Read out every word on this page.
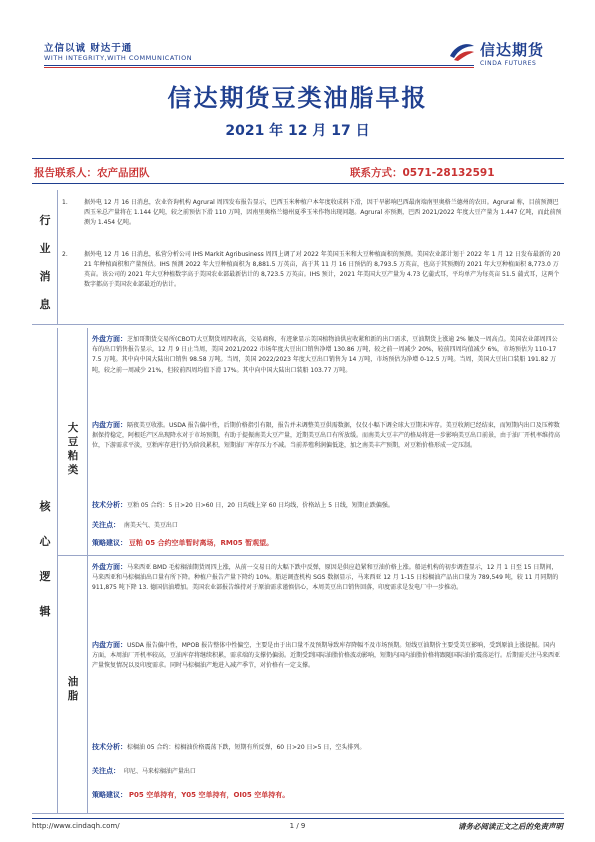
立信以诚 财达于通
WITH INTEGRITY,WITH COMMUNICATION	信达期货
CINDA FUTURES
信达期货豆类油脂早报
2021 年 12 月 17 日
报告联系人：农产品团队	联系方式：0571-28132591
行
业
消
息
1.	据外电 12 月 16 日消息，农业咨询机构 Agrural 周四发布报告显示，巴西玉米种植户本年度收成料下滑，因干旱影响巴西最南端南里奥格兰德州的农田。Agrural 称，目前预测巴西玉米总产量将在 1.144 亿吨，较之前预估下滑 110 万吨，因南里奥格兰德州夏季玉米作物出现问题。Agrural 亦预测，巴西 2021/2022 年度大豆产量为 1.447 亿吨，而此前预测为 1.454 亿吨。
2.	据外电 12 月 16 日消息，私营分析公司 IHS Markit Agribusiness 周四上调了对 2022 年美国玉米和大豆种植面积的预测。美国农业部计划于 2022 年 1 月 12 日发布最新的 2021 年种植面积和产量预估。IHS 预测 2022 年大豆种植面积为 8,881.5 万英亩，高于其 11 月 16 日预估的 8,793.5 万英亩，也高于其预测的 2021 年大豆种植面积 8,773.0 万英亩。该公司的 2021 年大豆种植数字高于美国农业部最新估计的 8,723.5 万英亩。IHS 预计，2021 年美国大豆产量为 4.73 亿蒲式耳，平均单产为每英亩 51.5 蒲式耳，这两个数字都高于美国农业部最近的估计。
核
心
逻
辑
大
豆
粕
类
外盘方面：芝加哥期货交易所(CBOT)大豆期货周四收高，交易商称，有迹象显示美国植物油供应收紧和新的出口需求，豆油期货上涨逾 2% 触及一周高点。美国农业部周四公布的出口销售报告显示，12 月 9 日止当周，美国 2021/2022 市场年度大豆出口销售净增 130.86 万吨，较之前一周减少 20%，较前四周均值减少 6%，市场预估为 110-177.5 万吨。其中向中国大陆出口销售 98.58 万吨。当周，美国 2022/2023 年度大豆出口销售为 14 万吨，市场预估为净增 0-12.5 万吨。当周，美国大豆出口装船 191.82 万吨，较之前一周减少 21%，但较前四周均值下滑 17%。其中向中国大陆出口装船 103.77 万吨。
内盘方面：隔夜美豆收涨。USDA 报告偏中性，后期价格指引有限，报告并未调整美豆供需数据，仅仅小幅下调全球大豆期末库存。美豆收割已经结束，而短期内出口及压榨数据保持稳定，阿根廷产区出现降水对于市场预期，有助于提振南美大豆产量，近期美豆出口有所放缓。而南美大豆丰产的格局将进一步影响美豆出口前景，由于油厂开机率维持高位，下游需求平淡，豆粕库存进行仍为阶段累积，短期油厂库存压力不减。当前养殖利润偏低迷，加之南美丰产预期，对豆粕价格形成一定压制。
技术分析：豆粕 05 合约：5 日>20 日>60 日，20 日均线上穿 60 日均线，价格站上 5 日线，短期止跌偏强。
关注点： 南美天气、美豆出口
策略建议： 豆粕 05 合约空单暂时离场，RM05 暂观望。
油
脂
外盘方面：马来西亚 BMD 毛棕榈油期货周四上涨，从前一交易日的大幅下跌中反弹，原因是供应趋紧和豆油价格上涨。船运机构的初步调查显示，12 月 1 日至 15 日期间，马来西亚和马棕榈油出口量有所下降。种植户报告产量下降约 10%。船运调查机构 SGS 数据显示，马来西亚 12 月 1-15 日棕榈油产品出口量为 789,549 吨，较 11 月同期的 911,875 吨下降 13. 德国信油增加。美国农业部报告维持对于原油需求谨慎信心，本周美豆出口销售回落，印度需求是发电厂中一步推动。
内盘方面：USDA 报告偏中性，MPOB 报告整体中性偏空，主要是由于出口量不及预期导致库存降幅不及市场预期。短线豆油期价主要受美豆影响，受到原油上涨提振。国内方面，本周油厂开机率较高，豆油库存将继续积累，需求端的支撑仍偏弱。近期受到国际油脂价格波动影响，短期内国内油脂价格将跟随国际油价震荡运行。后期需关注马来西亚产量恢复情况以及印度需求。同时马棕榈油产地进入减产季节，对价格有一定支撑。
技术分析：棕榈油 05 合约：棕榈油价格震荡下跌，短期有所反弹，60 日>20 日>5 日，空头排列。
关注点： 印尼、马来棕榈油产量出口
策略建议： P05 空单持有，Y05 空单持有，OI05 空单持有。
http://www.cindaqh.com/	1 / 9	请务必阅读正文之后的免责声明
